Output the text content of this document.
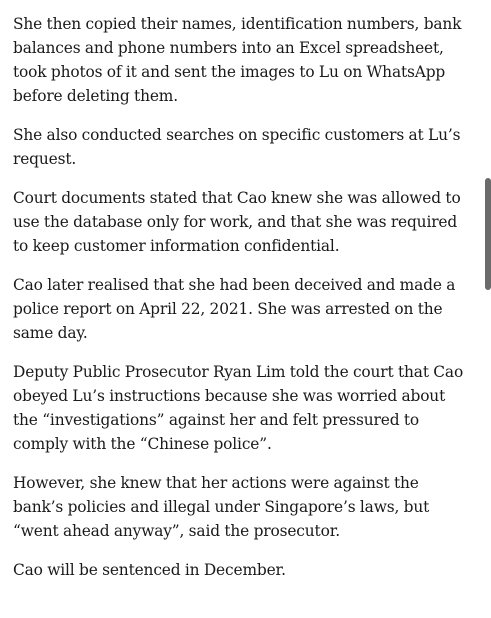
She then copied their names, identification numbers, bank balances and phone numbers into an Excel spreadsheet, took photos of it and sent the images to Lu on WhatsApp before deleting them.

She also conducted searches on specific customers at Lu’s request.

Court documents stated that Cao knew she was allowed to use the database only for work, and that she was required to keep customer information confidential.

Cao later realised that she had been deceived and made a police report on April 22, 2021. She was arrested on the same day.

Deputy Public Prosecutor Ryan Lim told the court that Cao obeyed Lu’s instructions because she was worried about the “investigations” against her and felt pressured to comply with the “Chinese police”.

However, she knew that her actions were against the bank’s policies and illegal under Singapore’s laws, but “went ahead anyway”, said the prosecutor.

Cao will be sentenced in December.
